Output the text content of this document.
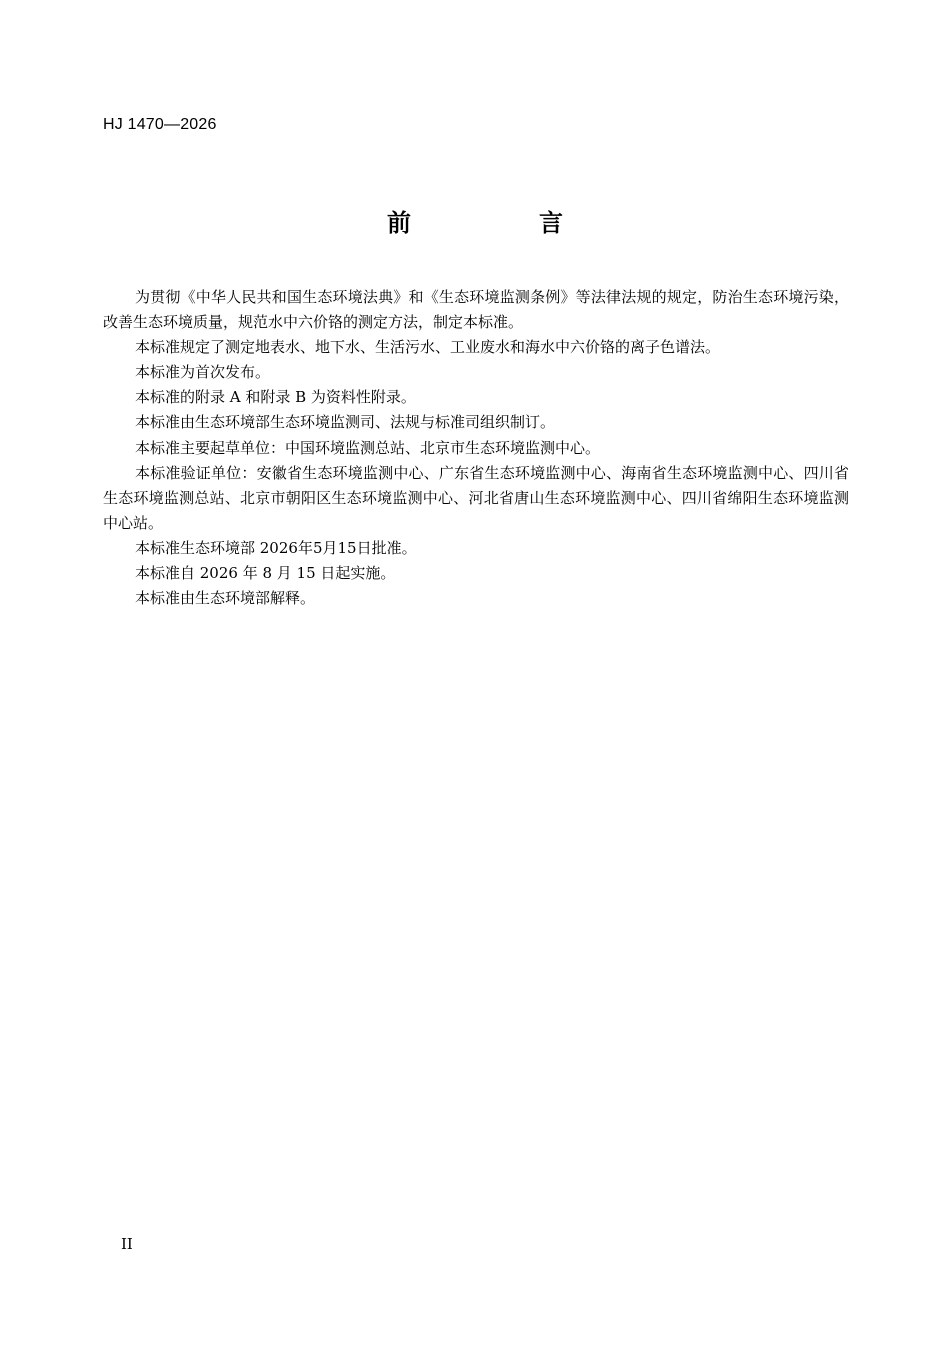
HJ 1470—2026
前　言

为贯彻《中华人民共和国生态环境法典》和《生态环境监测条例》等法律法规的规定，防治生态环境污染，改善生态环境质量，规范水中六价铬的测定方法，制定本标准。

本标准规定了测定地表水、地下水、生活污水、工业废水和海水中六价铬的离子色谱法。

本标准为首次发布。

本标准的附录 A 和附录 B 为资料性附录。

本标准由生态环境部生态环境监测司、法规与标准司组织制订。

本标准主要起草单位：中国环境监测总站、北京市生态环境监测中心。

本标准验证单位：安徽省生态环境监测中心、广东省生态环境监测中心、海南省生态环境监测中心、四川省生态环境监测总站、北京市朝阳区生态环境监测中心、河北省唐山生态环境监测中心、四川省绵阳生态环境监测中心站。

本标准生态环境部 2026年5月15日批准。

本标准自 2026 年 8 月 15 日起实施。

本标准由生态环境部解释。

II
